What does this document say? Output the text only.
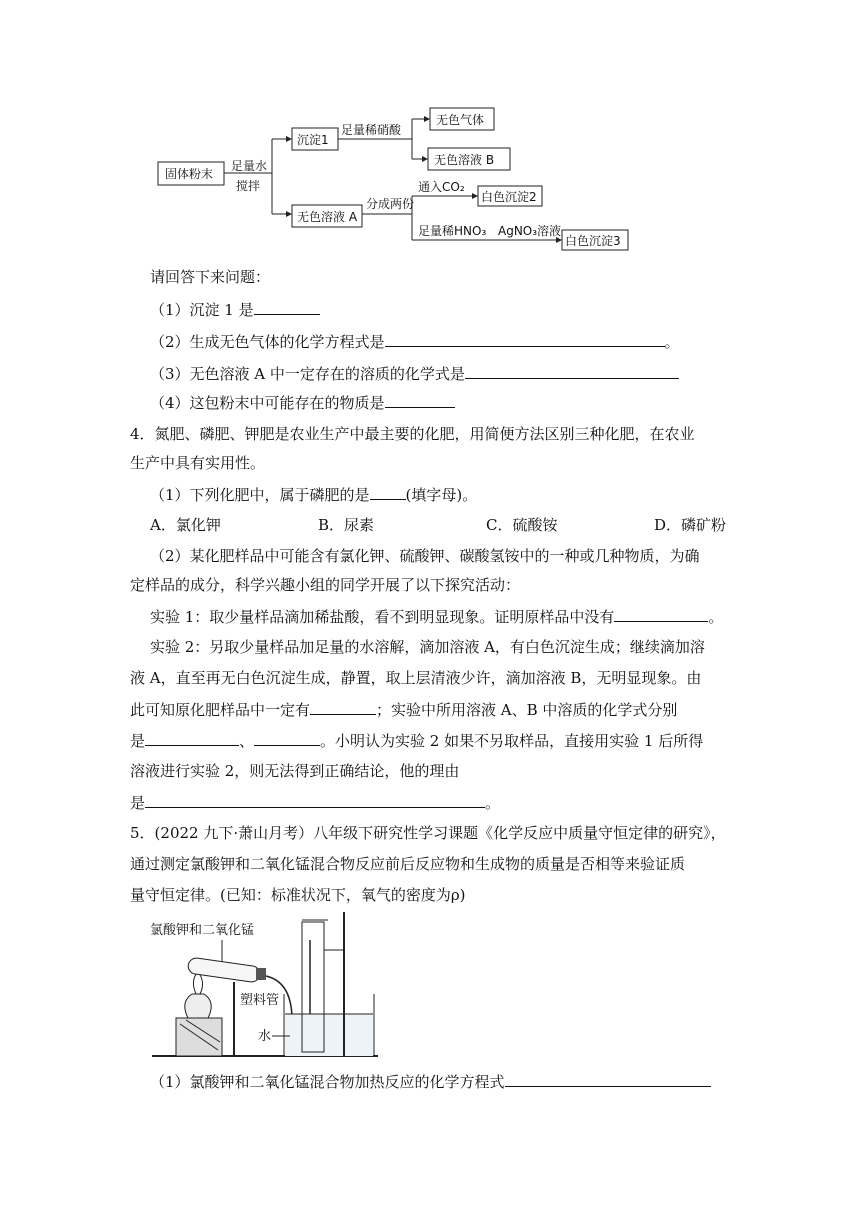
固体粉末
沉淀1
无色气体
无色溶液 B
无色溶液 A
白色沉淀2
白色沉淀3
足量水
搅拌
足量稀硝酸
分成两份
通入CO₂
足量稀HNO₃ AgNO₃溶液
请回答下来问题：
（1）沉淀 1 是
（2）生成无色气体的化学方程式是	。
（3）无色溶液 A 中一定存在的溶质的化学式是
（4）这包粉末中可能存在的物质是
4．氮肥、磷肥、钾肥是农业生产中最主要的化肥，用简便方法区别三种化肥，在农业
生产中具有实用性。
（1）下列化肥中，属于磷肥的是 (填字母)。
A．氯化钾	B．尿素	C．硫酸铵	D．磷矿粉
（2）某化肥样品中可能含有氯化钾、硫酸钾、碳酸氢铵中的一种或几种物质，为确
定样品的成分，科学兴趣小组的同学开展了以下探究活动：
实验 1：取少量样品滴加稀盐酸，看不到明显现象。证明原样品中没有	。
实验 2：另取少量样品加足量的水溶解，滴加溶液 A，有白色沉淀生成；继续滴加溶
液 A，直至再无白色沉淀生成，静置，取上层清液少许，滴加溶液 B，无明显现象。由
此可知原化肥样品中一定有	；实验中所用溶液 A、B 中溶质的化学式分别
是	、	。小明认为实验 2 如果不另取样品，直接用实验 1 后所得
溶液进行实验 2，则无法得到正确结论，他的理由
是	。
5．(2022 九下·萧山月考）八年级下研究性学习课题《化学反应中质量守恒定律的研究》，
通过测定氯酸钾和二氧化锰混合物反应前后反应物和生成物的质量是否相等来验证质
量守恒定律。(已知：标准状况下，氧气的密度为ρ)
氯酸钾和二氧化锰
塑料管
水
（1）氯酸钾和二氧化锰混合物加热反应的化学方程式
